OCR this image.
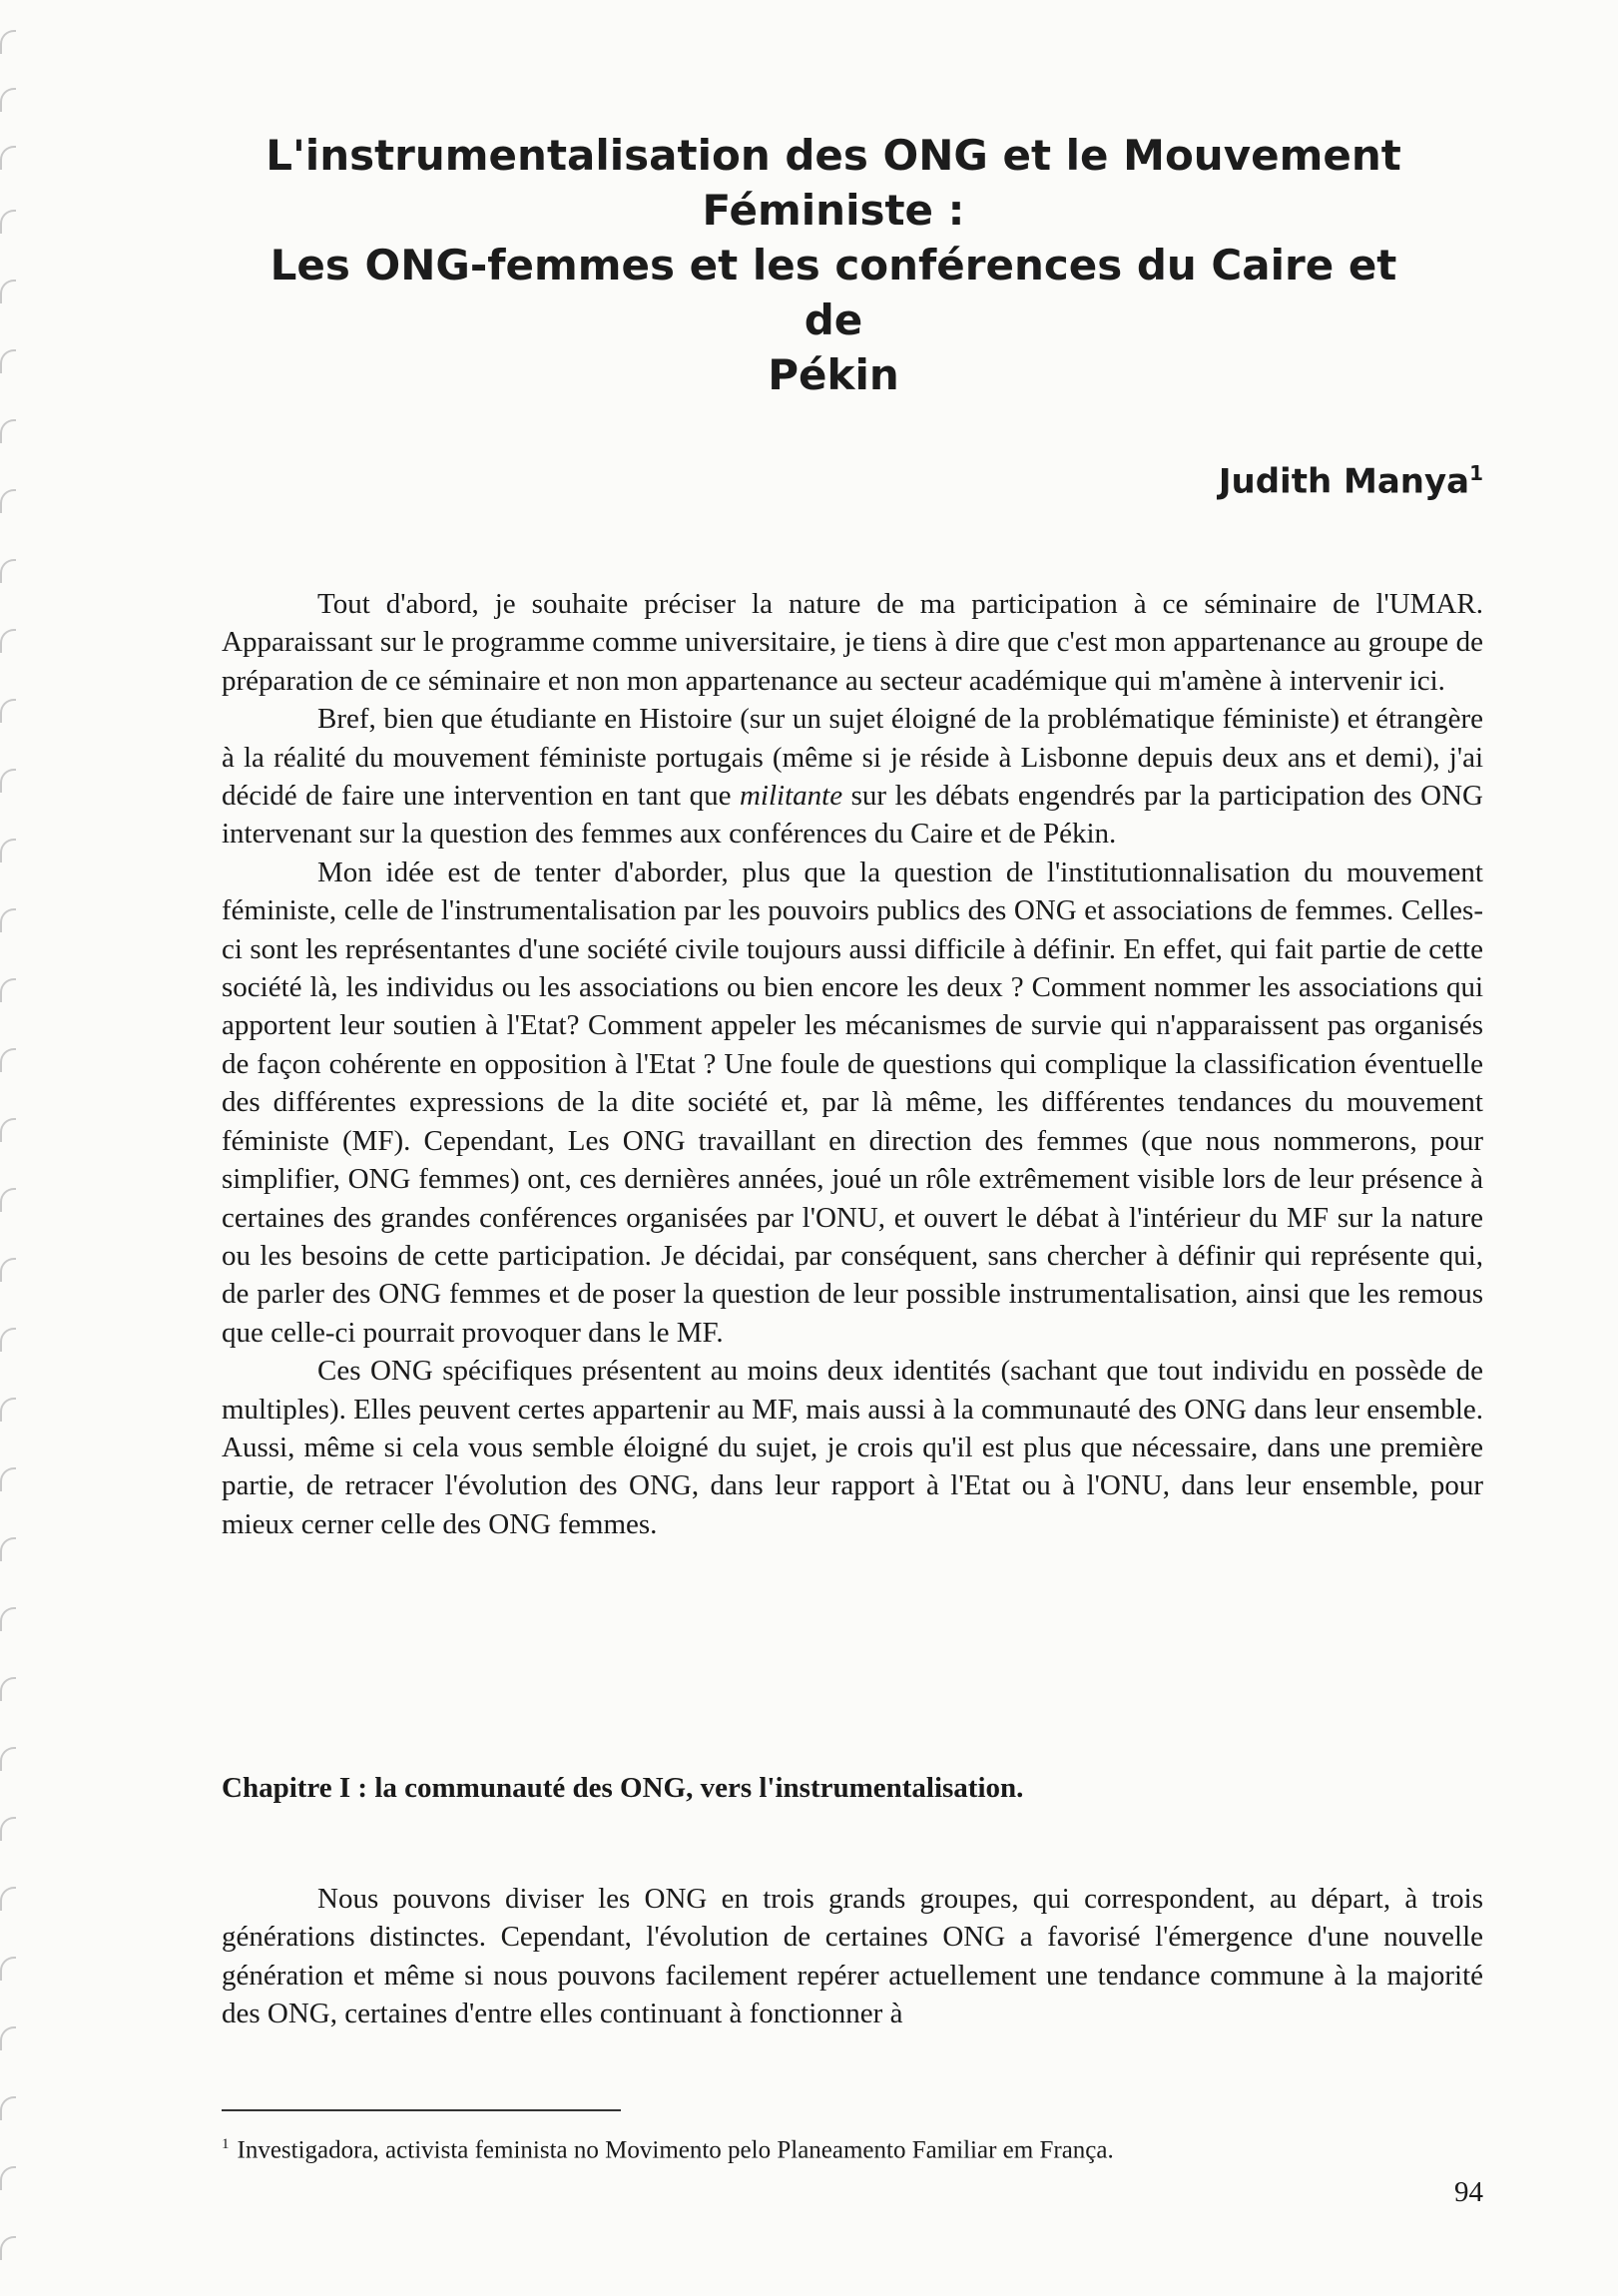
L'instrumentalisation des ONG et le Mouvement
Féministe :
Les ONG-femmes et les conférences du Caire et de
Pékin

Judith Manya$^1$

Tout d'abord, je souhaite préciser la nature de ma participation à ce séminaire de l'UMAR. Apparaissant sur le programme comme universitaire, je tiens à dire que c'est mon appartenance au groupe de préparation de ce séminaire et non mon appartenance au secteur académique qui m'amène à intervenir ici.

Bref, bien que étudiante en Histoire (sur un sujet éloigné de la problématique féministe) et étrangère à la réalité du mouvement féministe portugais (même si je réside à Lisbonne depuis deux ans et demi), j'ai décidé de faire une intervention en tant que militante sur les débats engendrés par la participation des ONG intervenant sur la question des femmes aux conférences du Caire et de Pékin.

Mon idée est de tenter d'aborder, plus que la question de l'institutionnalisation du mouvement féministe, celle de l'instrumentalisation par les pouvoirs publics des ONG et associations de femmes. Celles-ci sont les représentantes d'une société civile toujours aussi difficile à définir. En effet, qui fait partie de cette société là, les individus ou les associations ou bien encore les deux ? Comment nommer les associations qui apportent leur soutien à l'Etat? Comment appeler les mécanismes de survie qui n'apparaissent pas organisés de façon cohérente en opposition à l'Etat ? Une foule de questions qui complique la classification éventuelle des différentes expressions de la dite société et, par là même, les différentes tendances du mouvement féministe (MF). Cependant, Les ONG travaillant en direction des femmes (que nous nommerons, pour simplifier, ONG femmes) ont, ces dernières années, joué un rôle extrêmement visible lors de leur présence à certaines des grandes conférences organisées par l'ONU, et ouvert le débat à l'intérieur du MF sur la nature ou les besoins de cette participation. Je décidai, par conséquent, sans chercher à définir qui représente qui, de parler des ONG femmes et de poser la question de leur possible instrumentalisation, ainsi que les remous que celle-ci pourrait provoquer dans le MF.

Ces ONG spécifiques présentent au moins deux identités (sachant que tout individu en possède de multiples). Elles peuvent certes appartenir au MF, mais aussi à la communauté des ONG dans leur ensemble. Aussi, même si cela vous semble éloigné du sujet, je crois qu'il est plus que nécessaire, dans une première partie, de retracer l'évolution des ONG, dans leur rapport à l'Etat ou à l'ONU, dans leur ensemble, pour mieux cerner celle des ONG femmes.

Chapitre I : la communauté des ONG, vers l'instrumentalisation.

Nous pouvons diviser les ONG en trois grands groupes, qui correspondent, au départ, à trois générations distinctes. Cependant, l'évolution de certaines ONG a favorisé l'émergence d'une nouvelle génération et même si nous pouvons facilement repérer actuellement une tendance commune à la majorité des ONG, certaines d'entre elles continuant à fonctionner à

$^1$ Investigadora, activista feminista no Movimento pelo Planeamento Familiar em França.

94
